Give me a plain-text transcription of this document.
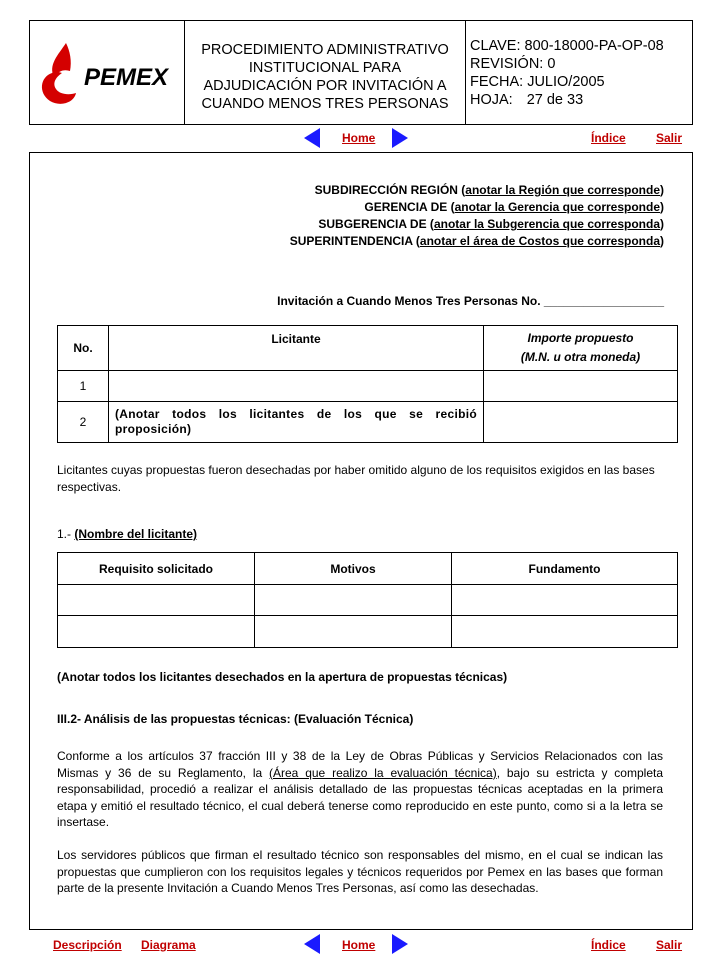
PEMEX
PROCEDIMIENTO ADMINISTRATIVO
INSTITUCIONAL PARA
ADJUDICACIÓN POR INVITACIÓN A
CUANDO MENOS TRES PERSONAS
CLAVE: 800-18000-PA-OP-08
REVISIÓN: 0
FECHA: JULIO/2005
HOJA: 27 de 33
Home	Índice	Salir
SUBDIRECCIÓN REGIÓN (anotar la Región que corresponde)
GERENCIA DE (anotar la Gerencia que corresponde)
SUBGERENCIA DE (anotar la Subgerencia que corresponda)
SUPERINTENDENCIA (anotar el área de Costos que corresponda)
Invitación a Cuando Menos Tres Personas No. __________________
No.	Licitante	Importe propuesto
(M.N. u otra moneda)

1		
2	(Anotar todos los licitantes de los que se recibió proposición)	
Licitantes cuyas propuestas fueron desechadas por haber omitido alguno de los requisitos exigidos en las bases respectivas.
1.- (Nombre del licitante)
Requisito solicitado	Motivos	Fundamento

(Anotar todos los licitantes desechados en la apertura de propuestas técnicas)
III.2- Análisis de las propuestas técnicas: (Evaluación Técnica)
Conforme a los artículos 37 fracción III y 38 de la Ley de Obras Públicas y Servicios Relacionados con las Mismas y 36 de su Reglamento, la (Área que realizo la evaluación técnica), bajo su estricta y completa responsabilidad, procedió a realizar el análisis detallado de las propuestas técnicas aceptadas en la primera etapa y emitió el resultado técnico, el cual deberá tenerse como reproducido en este punto, como si a la letra se insertase.
Los servidores públicos que firman el resultado técnico son responsables del mismo, en el cual se indican las propuestas que cumplieron con los requisitos legales y técnicos requeridos por Pemex en las bases que forman parte de la presente Invitación a Cuando Menos Tres Personas, así como las desechadas.
Descripción Diagrama	Home	Índice	Salir
